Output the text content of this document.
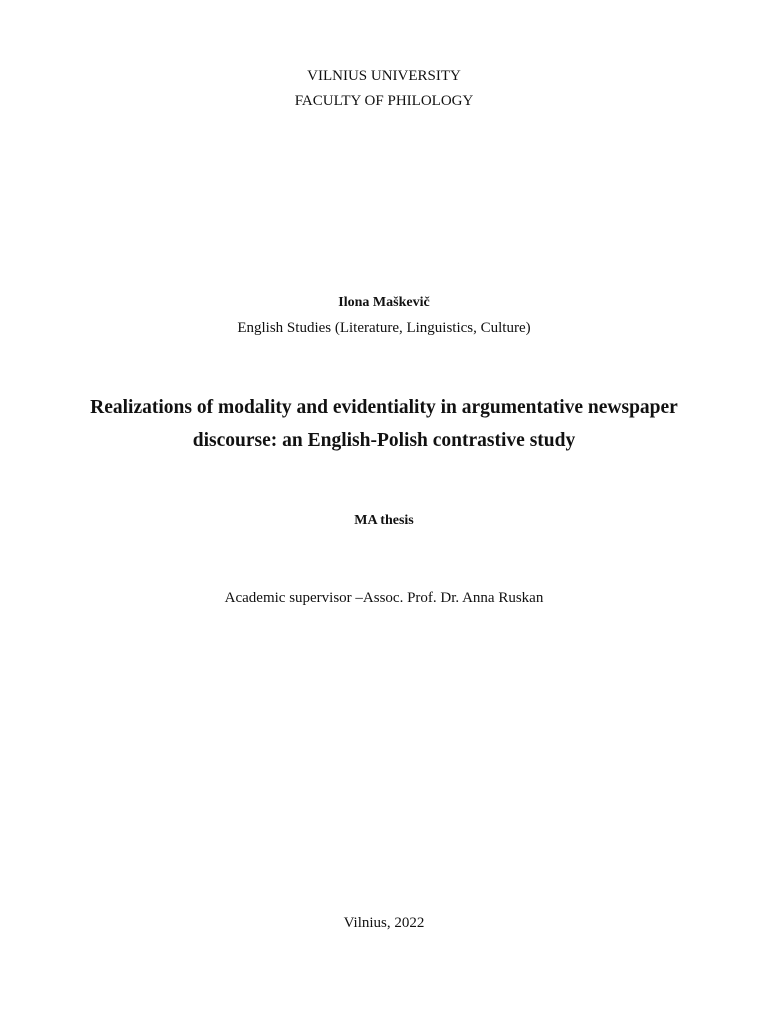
VILNIUS UNIVERSITY
FACULTY OF PHILOLOGY
Ilona Maškevič
English Studies (Literature, Linguistics, Culture)
Realizations of modality and evidentiality in argumentative newspaper
discourse: an English-Polish contrastive study
MA thesis
Academic supervisor –Assoc. Prof. Dr. Anna Ruskan
Vilnius, 2022
